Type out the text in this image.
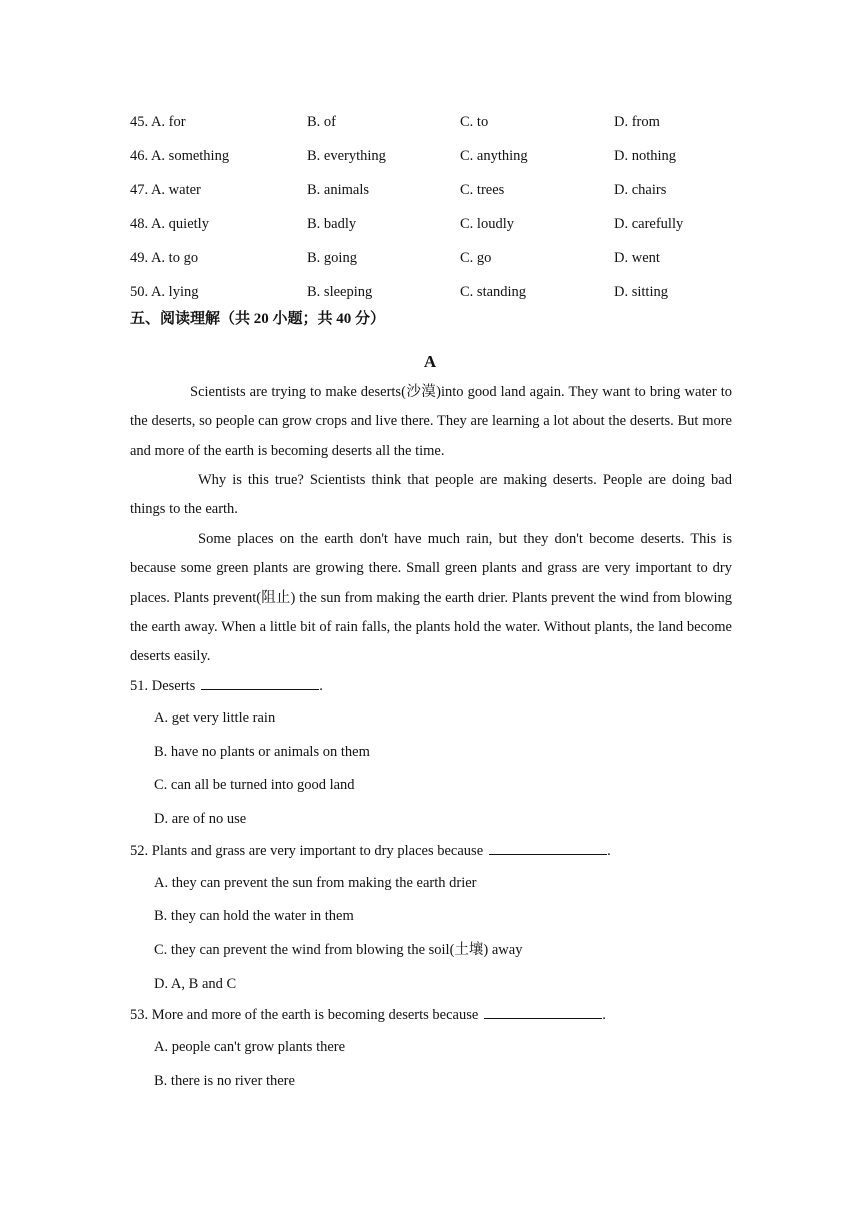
45. A. for	B. of	C. to	D. from
46. A. something	B. everything	C. anything	D. nothing
47. A. water	B. animals	C. trees	D. chairs
48. A. quietly	B. badly	C. loudly	D. carefully
49. A. to go	B. going	C. go	D. went
50. A. lying	B. sleeping	C. standing	D. sitting
五、阅读理解（共 20 小题；共 40 分）
A

Scientists are trying to make deserts(沙漠)into good land again. They want to bring water to the deserts, so people can grow crops and live there. They are learning a lot about the deserts. But more and more of the earth is becoming deserts all the time.

Why is this true? Scientists think that people are making deserts. People are doing bad things to the earth.

Some places on the earth don't have much rain, but they don't become deserts. This is because some green plants are growing there. Small green plants and grass are very important to dry places. Plants prevent(阻止) the sun from making the earth drier. Plants prevent the wind from blowing the earth away. When a little bit of rain falls, the plants hold the water. Without plants, the land become deserts easily.

51. Deserts	.
A. get very little rain
B. have no plants or animals on them
C. can all be turned into good land
D. are of no use
52. Plants and grass are very important to dry places because	.
A. they can prevent the sun from making the earth drier
B. they can hold the water in them
C. they can prevent the wind from blowing the soil(土壤) away
D. A, B and C
53. More and more of the earth is becoming deserts because	.
A. people can't grow plants there
B. there is no river there
